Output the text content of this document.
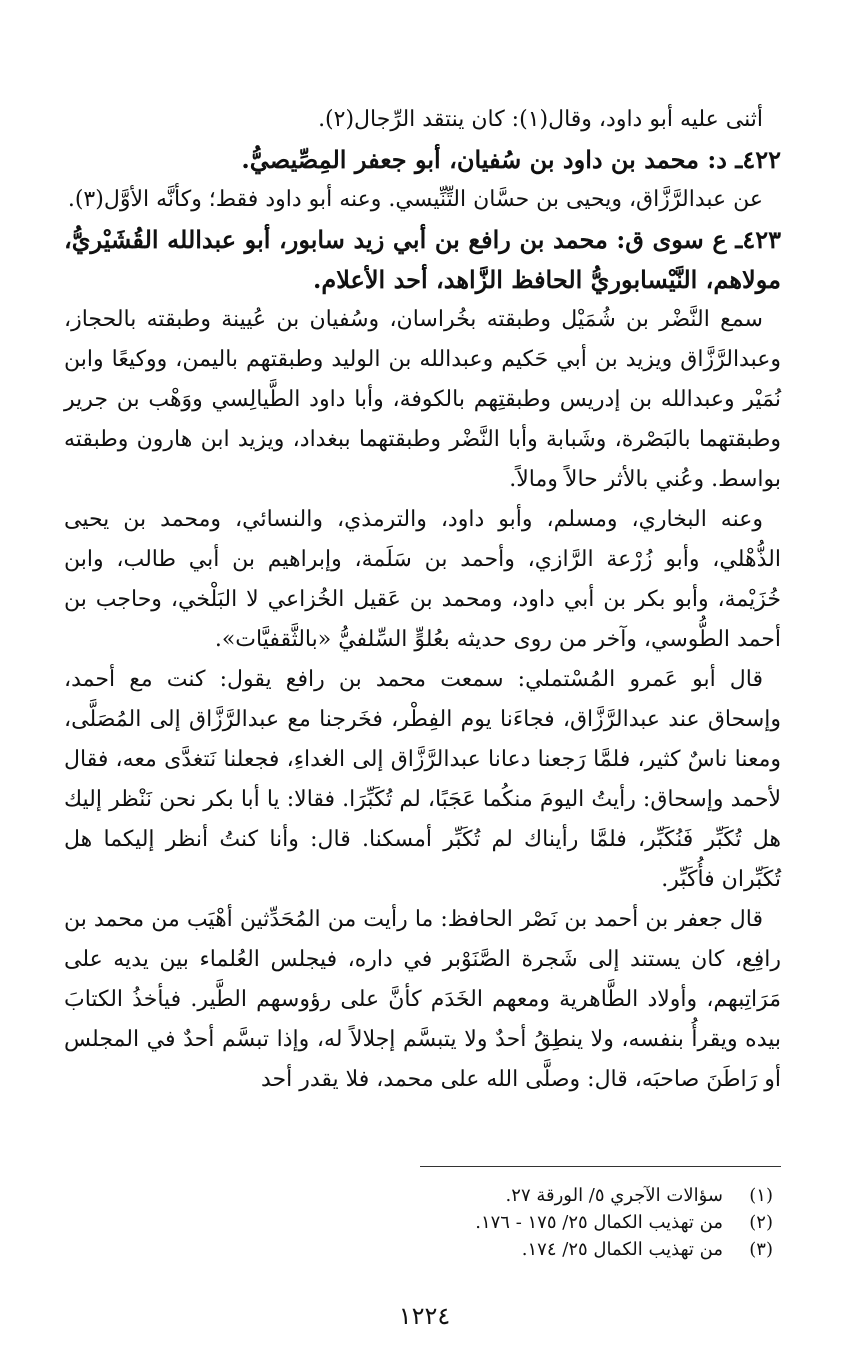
أثنى عليه أبو داود، وقال(١): كان ينتقد الرِّجال(٢).

٤٢٢ـ د: محمد بن داود بن سُفيان، أبو جعفر المِصِّيصيُّ.

عن عبدالرَّزَّاق، ويحيى بن حسَّان التِّنِّيسي. وعنه أبو داود فقط؛ وكأنَّه الأوَّل(٣).

٤٢٣ـ ع سوى ق: محمد بن رافع بن أبي زيد سابور، أبو عبدالله القُشَيْريُّ، مولاهم، النَّيْسابوريُّ الحافظ الزَّاهد، أحد الأعلام.

سمع النَّضْر بن شُمَيْل وطبقته بخُراسان، وسُفيان بن عُيينة وطبقته بالحجاز، وعبدالرَّزَّاق ويزيد بن أبي حَكيم وعبدالله بن الوليد وطبقتهم باليمن، ووكيعًا وابن نُمَيْر وعبدالله بن إدريس وطبقتِهم بالكوفة، وأبا داود الطَّيالِسي ووَهْب بن جرير وطبقتهما بالبَصْرة، وشَبابة وأبا النَّضْر وطبقتهما ببغداد، ويزيد ابن هارون وطبقته بواسط. وعُني بالأثر حالاً ومالاً.

وعنه البخاري، ومسلم، وأبو داود، والترمذي، والنسائي، ومحمد بن يحيى الذُّهْلي، وأبو زُرْعة الرَّازي، وأحمد بن سَلَمة، وإبراهيم بن أبي طالب، وابن خُزَيْمة، وأبو بكر بن أبي داود، ومحمد بن عَقيل الخُزاعي لا البَلْخي، وحاجب بن أحمد الطُّوسي، وآخر من روى حديثه بعُلوٍّ السِّلفيُّ «بالثَّقفيَّات».

قال أبو عَمرو المُسْتملي: سمعت محمد بن رافع يقول: كنت مع أحمد، وإسحاق عند عبدالرَّزَّاق، فجاءَنا يوم الفِطْر، فخَرجنا مع عبدالرَّزَّاق إلى المُصَلَّى، ومعنا ناسٌ كثير، فلمَّا رَجعنا دعانا عبدالرَّزَّاق إلى الغداءِ، فجعلنا نَتغدَّى معه، فقال لأحمد وإسحاق: رأيتُ اليومَ منكُما عَجَبًا، لم تُكَبِّرَا. فقالا: يا أبا بكر نحن نَنْظر إليك هل تُكَبِّر فَنُكَبِّر، فلمَّا رأيناك لم تُكَبِّر أمسكنا. قال: وأنا كنتُ أنظر إليكما هل تُكَبِّران فأُكَبِّر.

قال جعفر بن أحمد بن نَصْر الحافظ: ما رأيت من المُحَدِّثين أهْيَب من محمد بن رافِع، كان يستند إلى شَجرة الصَّنَوْبر في داره، فيجلس العُلماء بين يديه على مَرَاتِبهم، وأولاد الطَّاهرية ومعهم الخَدَم كأنَّ على رؤوسهم الطَّير. فيأخذُ الكتابَ بيده ويقرأُ بنفسه، ولا ينطِقُ أحدٌ ولا يتبسَّم إجلالاً له، وإذا تبسَّم أحدٌ في المجلس أو رَاطَنَ صاحبَه، قال: وصلَّى الله على محمد، فلا يقدر أحد

(١)
سؤالات الآجري ٥/ الورقة ٢٧.
(٢)
من تهذيب الكمال ٢٥/ ١٧٥ - ١٧٦.
(٣)
من تهذيب الكمال ٢٥/ ١٧٤.
١٢٢٤
